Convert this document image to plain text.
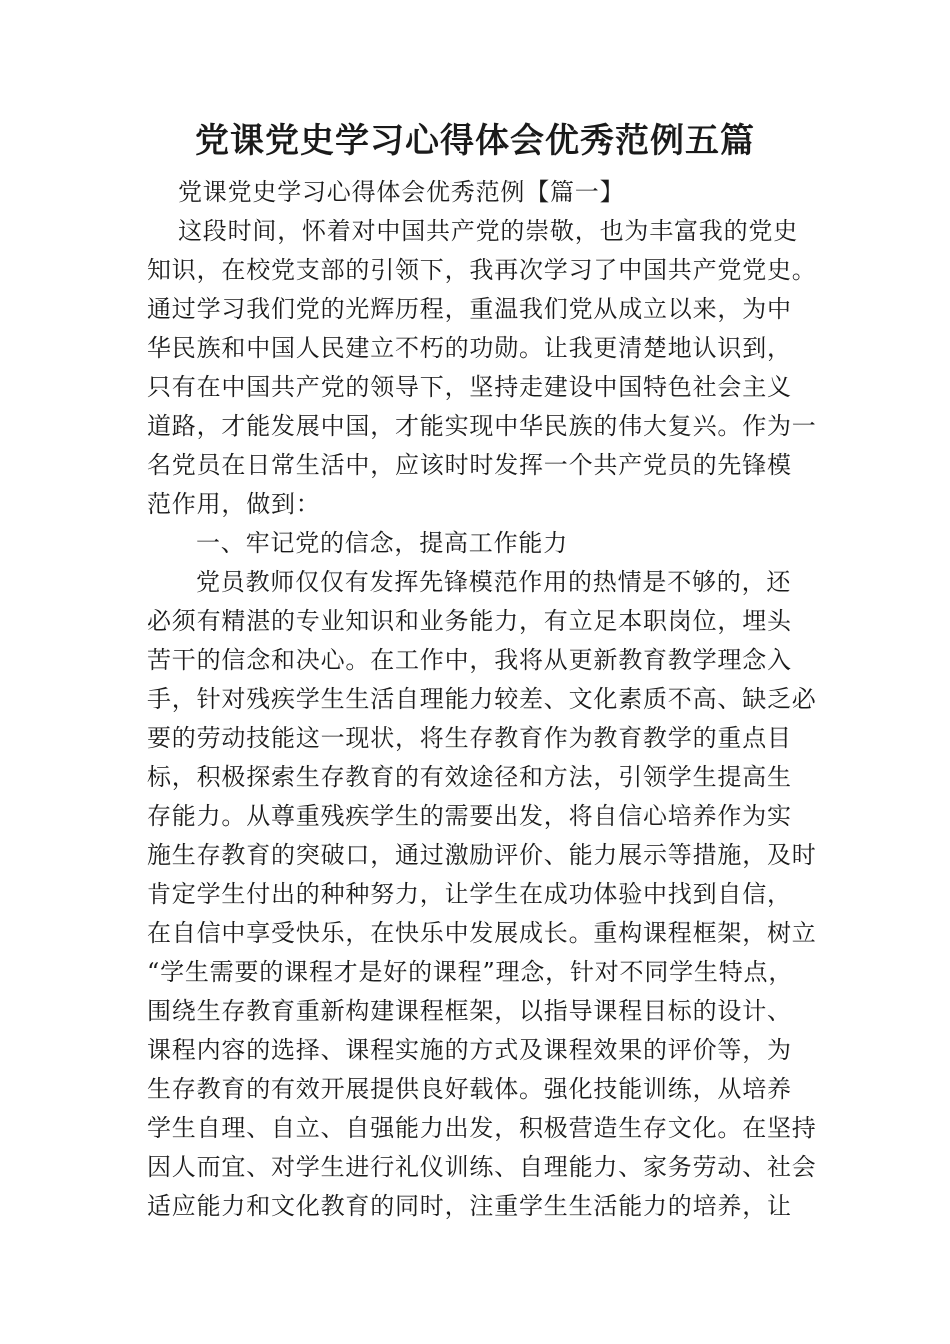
党课党史学习心得体会优秀范例五篇

党课党史学习心得体会优秀范例【篇一】

这段时间，怀着对中国共产党的崇敬，也为丰富我的党史

知识，在校党支部的引领下，我再次学习了中国共产党党史。

通过学习我们党的光辉历程，重温我们党从成立以来，为中

华民族和中国人民建立不朽的功勋。让我更清楚地认识到，

只有在中国共产党的领导下，坚持走建设中国特色社会主义

道路，才能发展中国，才能实现中华民族的伟大复兴。作为一

名党员在日常生活中，应该时时发挥一个共产党员的先锋模

范作用，做到：

一、牢记党的信念，提高工作能力

党员教师仅仅有发挥先锋模范作用的热情是不够的，还

必须有精湛的专业知识和业务能力，有立足本职岗位，埋头

苦干的信念和决心。在工作中，我将从更新教育教学理念入

手，针对残疾学生生活自理能力较差、文化素质不高、缺乏必

要的劳动技能这一现状，将生存教育作为教育教学的重点目

标，积极探索生存教育的有效途径和方法，引领学生提高生

存能力。从尊重残疾学生的需要出发，将自信心培养作为实

施生存教育的突破口，通过激励评价、能力展示等措施，及时

肯定学生付出的种种努力，让学生在成功体验中找到自信，

在自信中享受快乐，在快乐中发展成长。重构课程框架，树立

“学生需要的课程才是好的课程”理念，针对不同学生特点，

围绕生存教育重新构建课程框架，以指导课程目标的设计、

课程内容的选择、课程实施的方式及课程效果的评价等，为

生存教育的有效开展提供良好载体。强化技能训练，从培养

学生自理、自立、自强能力出发，积极营造生存文化。在坚持

因人而宜、对学生进行礼仪训练、自理能力、家务劳动、社会

适应能力和文化教育的同时，注重学生生活能力的培养，让
